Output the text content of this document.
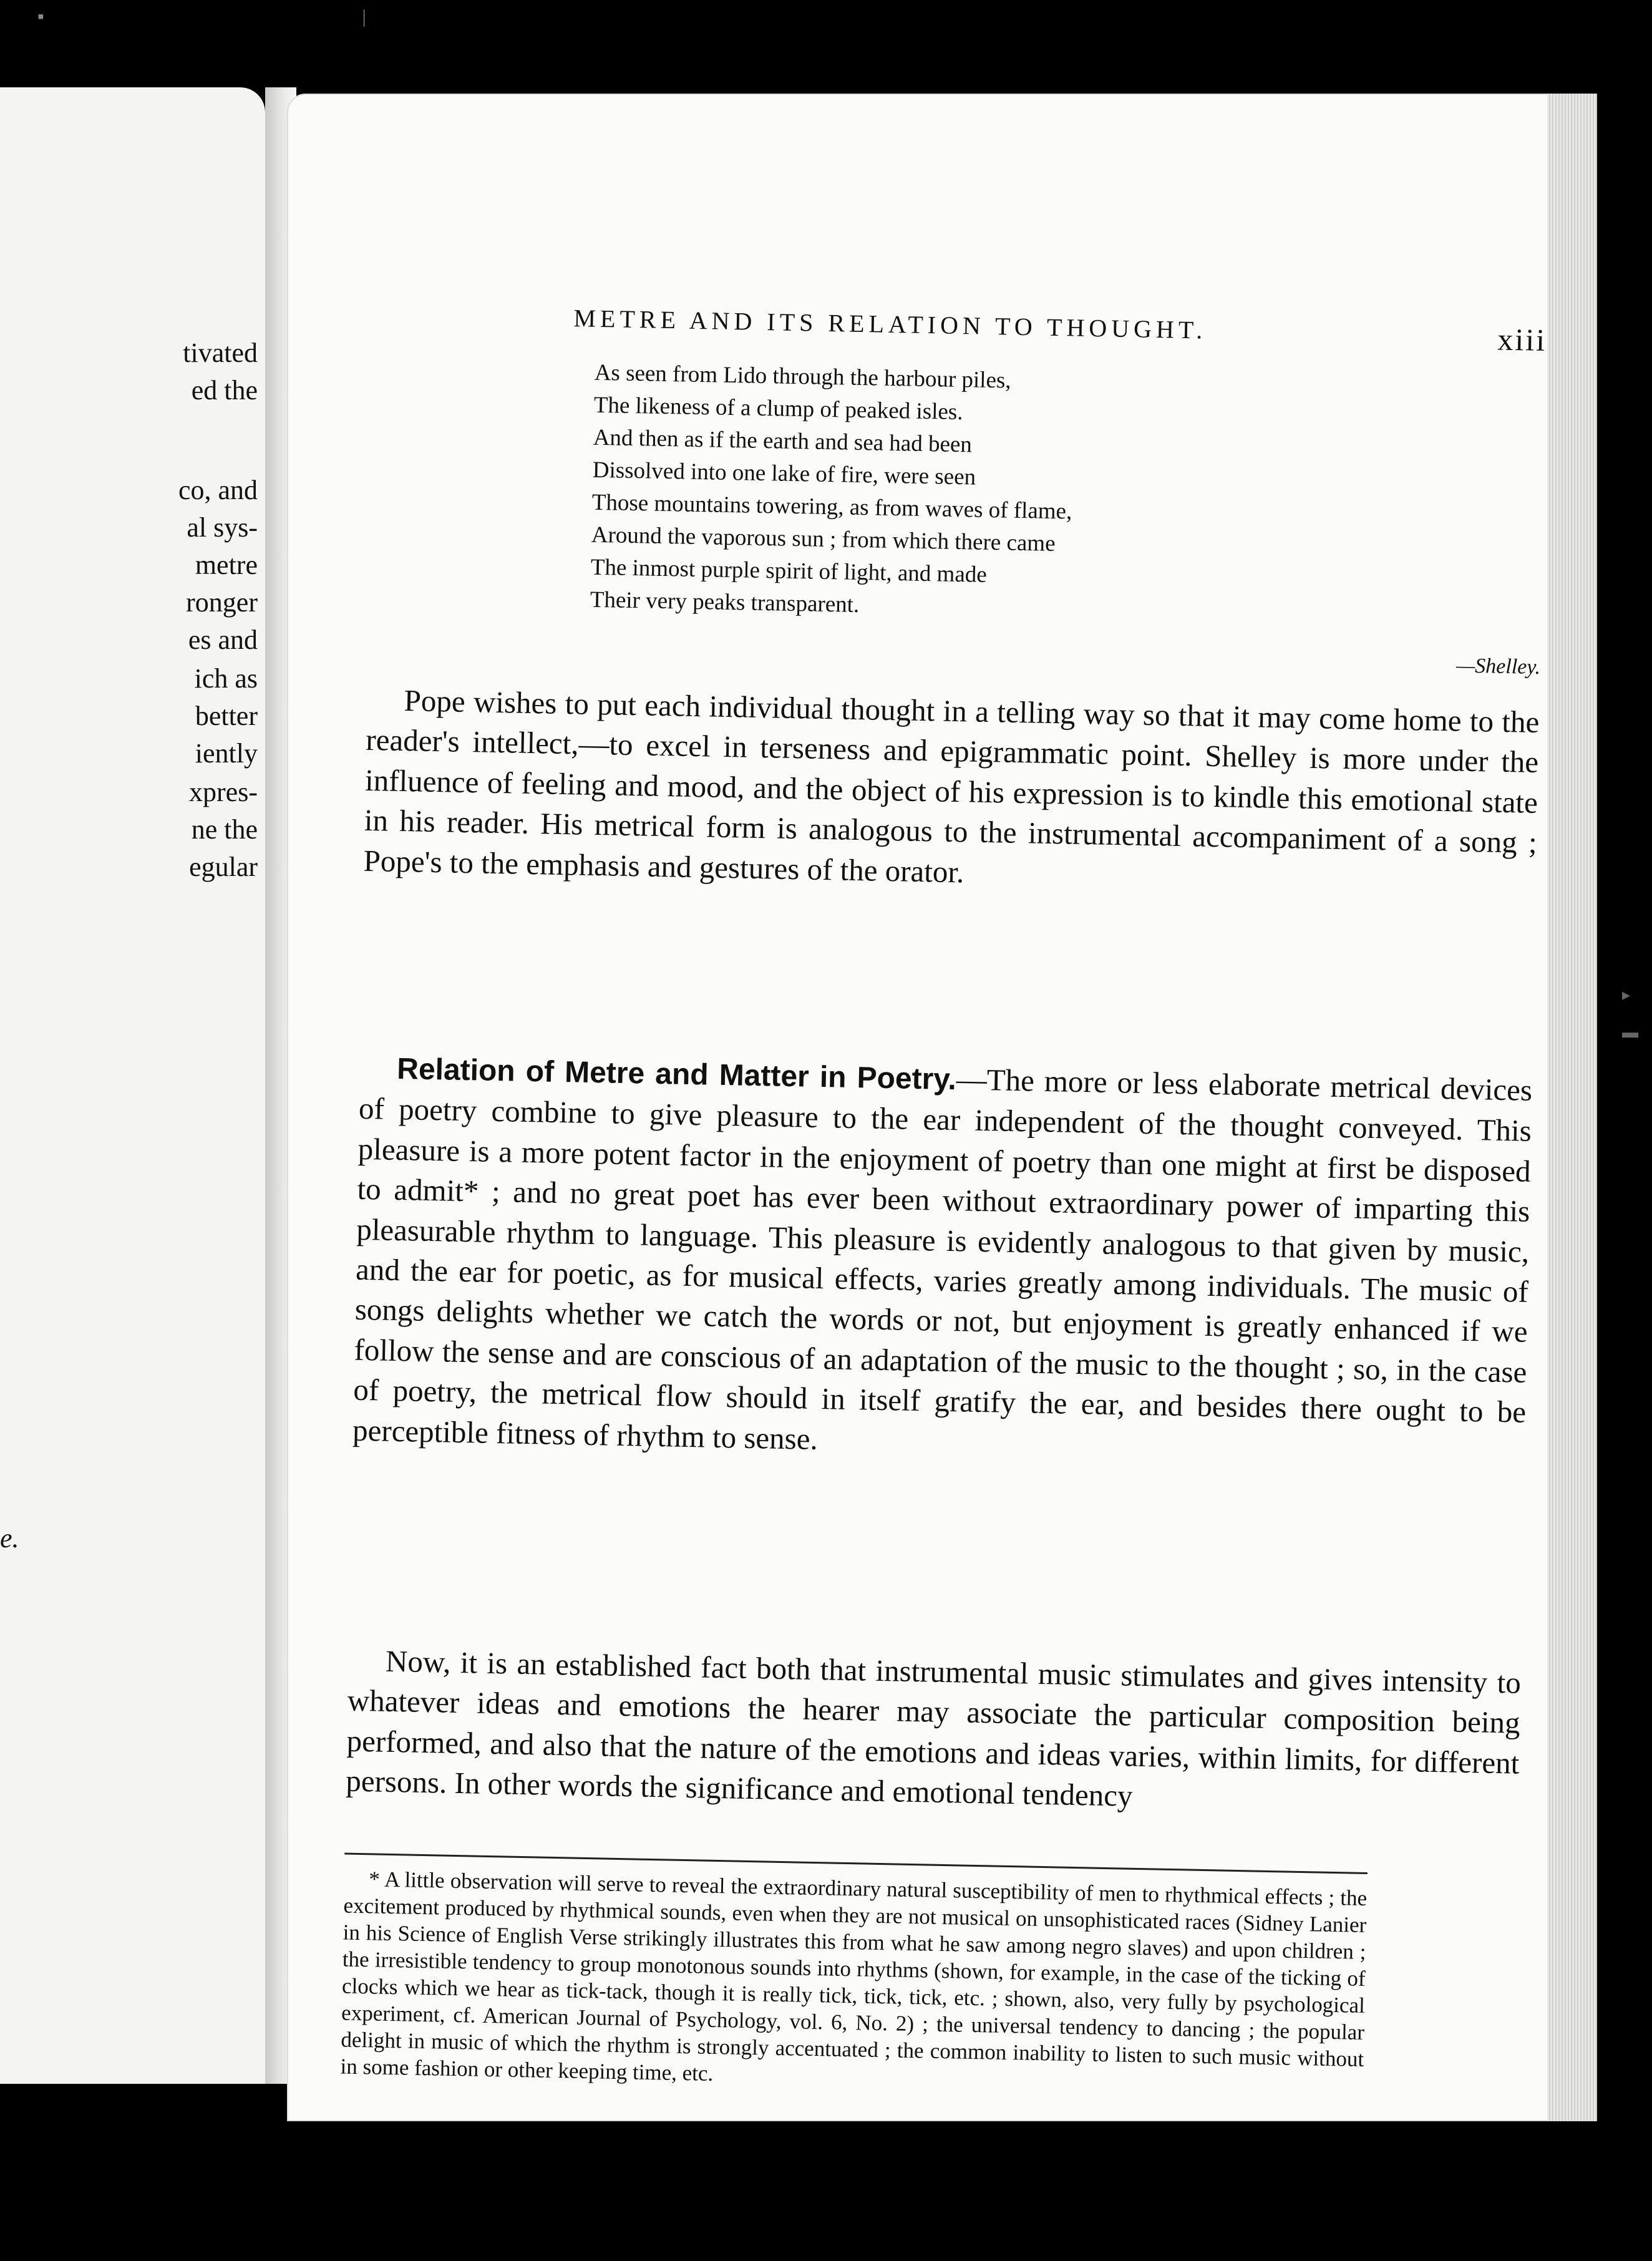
▪                                                                    |
tivated
ed the
co, and
al sys-
metre
ronger
es and
ich as
better
iently
xpres-
ne the
egular
e.
METRE AND ITS RELATION TO THOUGHT.	xiii
As seen from Lido through the harbour piles,
The likeness of a clump of peaked isles.
And then as if the earth and sea had been
Dissolved into one lake of fire, were seen
Those mountains towering, as from waves of flame,
Around the vaporous sun ; from which there came
The inmost purple spirit of light, and made
Their very peaks transparent.
—Shelley.

Pope wishes to put each individual thought in a telling way so that it may come home to the reader's intellect,—to excel in terseness and epigrammatic point. Shelley is more under the influence of feeling and mood, and the object of his expression is to kindle this emotional state in his reader. His metrical form is analogous to the instrumental accompaniment of a song ; Pope's to the emphasis and gestures of the orator.

Relation of Metre and Matter in Poetry.—The more or less elaborate metrical devices of poetry combine to give pleasure to the ear independent of the thought conveyed. This pleasure is a more potent factor in the enjoyment of poetry than one might at first be disposed to admit* ; and no great poet has ever been without extraordinary power of imparting this pleasurable rhythm to language. This pleasure is evidently analogous to that given by music, and the ear for poetic, as for musical effects, varies greatly among individuals. The music of songs delights whether we catch the words or not, but enjoyment is greatly enhanced if we follow the sense and are conscious of an adaptation of the music to the thought ; so, in the case of poetry, the metrical flow should in itself gratify the ear, and besides there ought to be perceptible fitness of rhythm to sense.

Now, it is an established fact both that instrumental music stimulates and gives intensity to whatever ideas and emotions the hearer may associate the particular composition being performed, and also that the nature of the emotions and ideas varies, within limits, for different persons. In other words the significance and emotional tendency

* A little observation will serve to reveal the extraordinary natural susceptibility of men to rhythmical effects ; the excitement produced by rhythmical sounds, even when they are not musical on unsophisticated races (Sidney Lanier in his Science of English Verse strikingly illustrates this from what he saw among negro slaves) and upon children ; the irresistible tendency to group monotonous sounds into rhythms (shown, for example, in the case of the ticking of clocks which we hear as tick-tack, though it is really tick, tick, tick, etc. ; shown, also, very fully by psychological experiment, cf. American Journal of Psychology, vol. 6, No. 2) ; the universal tendency to dancing ; the popular delight in music of which the rhythm is strongly accentuated ; the common inability to listen to such music without in some fashion or other keeping time, etc.

▸

▬
